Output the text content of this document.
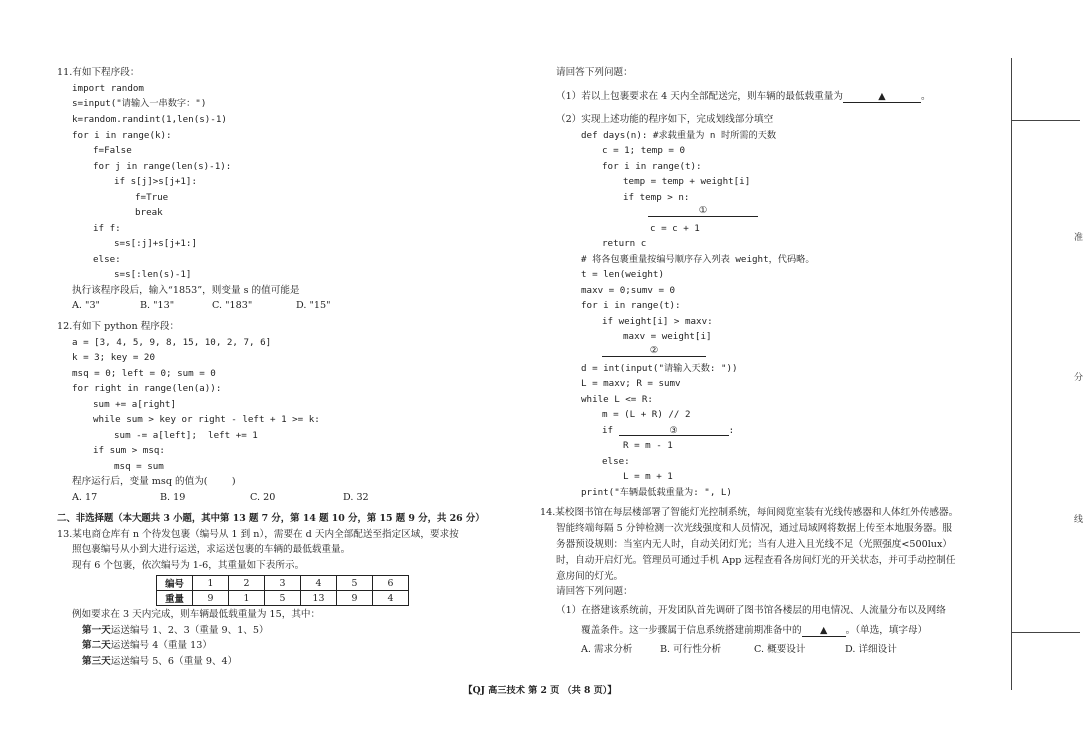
11.有如下程序段：
import random
s=input("请输入一串数字：")
k=random.randint(1,len(s)-1)
for i in range(k):
f=False
for j in range(len(s)-1):
if s[j]>s[j+1]:
f=True
break
if f:
s=s[:j]+s[j+1:]
else:
s=s[:len(s)-1]
执行该程序段后，输入“1853”，则变量 s 的值可能是
A. "3"	B. "13"	C. "183"	D. "15"
12.有如下 python 程序段：
a = [3, 4, 5, 9, 8, 15, 10, 2, 7, 6]
k = 3; key = 20
msq = 0; left = 0; sum = 0
for right in range(len(a)):
sum += a[right]
while sum > key or right - left + 1 >= k:
sum -= a[left];  left += 1
if sum > msq:
msq = sum
程序运行后，变量 msq 的值为(        )
A. 17	B. 19	C. 20	D. 32
二、非选择题（本大题共 3 小题，其中第 13 题 7 分，第 14 题 10 分，第 15 题 9 分，共 26 分）
13.某电商仓库有 n 个待发包裹（编号从 1 到 n），需要在 d 天内全部配送至指定区域，要求按
照包裹编号从小到大进行运送，求运送包裹的车辆的最低载重量。
现有 6 个包裹，依次编号为 1-6，其重量如下表所示。
编号	1	2	3	4	5	6
重量	9	1	5	13	9	4
例如要求在 3 天内完成，则车辆最低载重量为 15，其中：
第一天运送编号 1、2、3（重量 9、1、5）
第二天运送编号 4（重量 13）
第三天运送编号 5、6（重量 9、4）
请回答下列问题：
（1）若以上包裹要求在 4 天内全部配送完，则车辆的最低载重量为	▲	。
（2）实现上述功能的程序如下，完成划线部分填空
def days(n): #求载重量为 n 时所需的天数
c = 1; temp = 0
for i in range(t):
temp = temp + weight[i]
if temp > n:
①
c = c + 1
return c
# 将各包裹重量按编号顺序存入列表 weight，代码略。
t = len(weight)
maxv = 0;sumv = 0
for i in range(t):
if weight[i] > maxv:
maxv = weight[i]
②
d = int(input("请输入天数: "))
L = maxv; R = sumv
while L <= R:
m = (L + R) // 2
if	③	:
R = m - 1
else:
L = m + 1
print("车辆最低载重量为: ", L)
14.某校图书馆在每层楼部署了智能灯光控制系统，每间阅览室装有光线传感器和人体红外传感器。
智能终端每隔 5 分钟检测一次光线强度和人员情况，通过局域网将数据上传至本地服务器。服
务器预设规则：当室内无人时，自动关闭灯光；当有人进入且光线不足（光照强度<500lux）
时，自动开启灯光。管理员可通过手机 App 远程查看各房间灯光的开关状态，并可手动控制任
意房间的灯光。
请回答下列问题：
（1）在搭建该系统前，开发团队首先调研了图书馆各楼层的用电情况、人流量分布以及网络
覆盖条件。这一步骤属于信息系统搭建前期准备中的 ▲ 。（单选，填字母）
A. 需求分析	B. 可行性分析	C. 概要设计	D. 详细设计
准
分
线
【QJ 高三技术 第 2 页 （共 8 页）】
